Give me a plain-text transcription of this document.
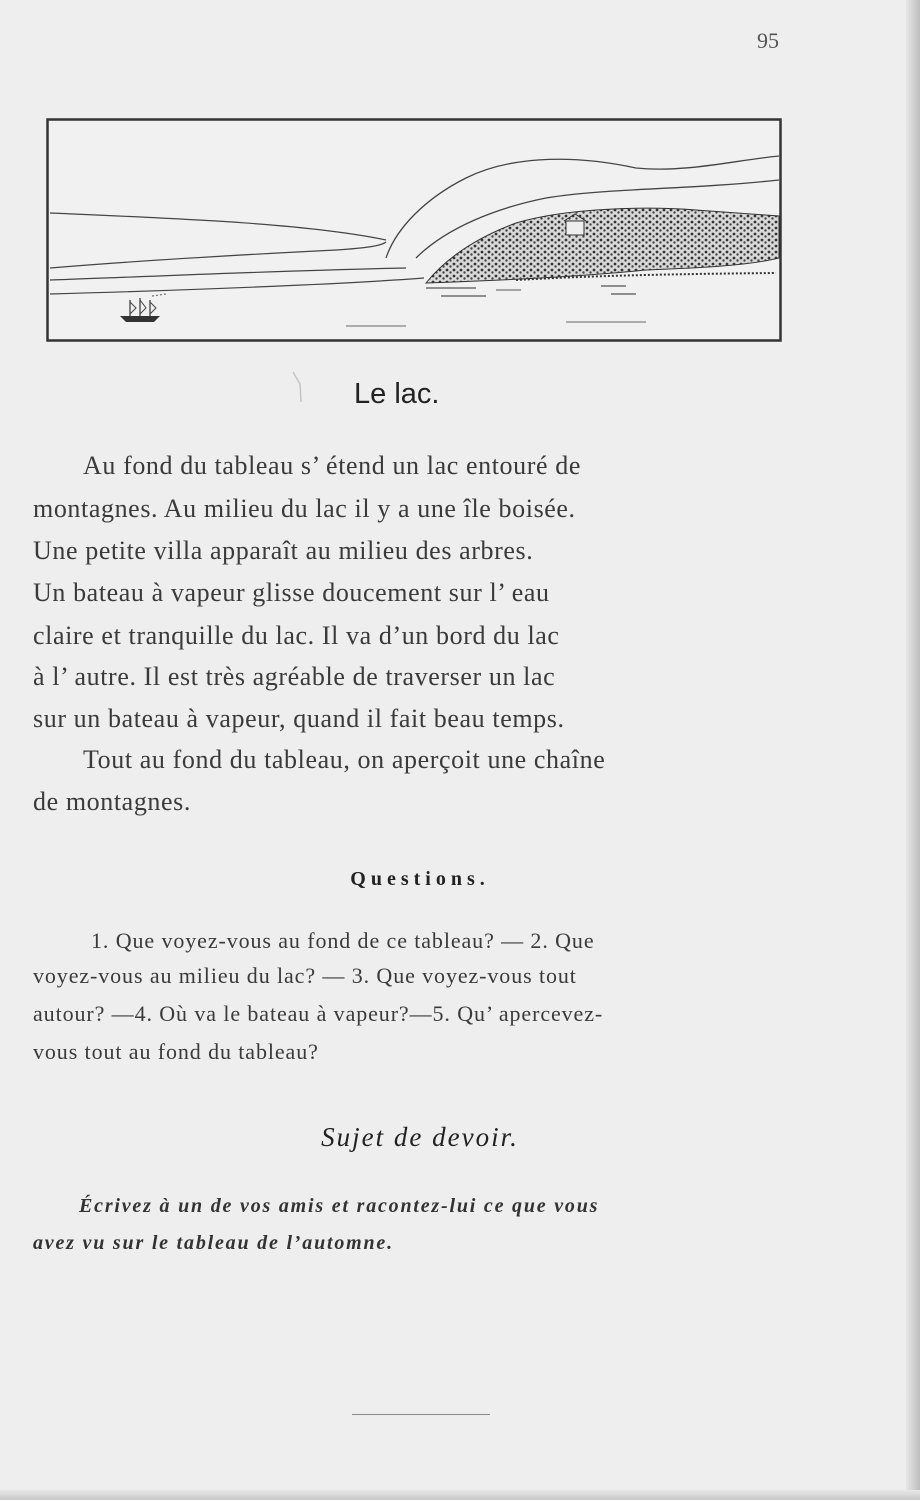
95
Le lac.
Au fond du tableau s’ étend un lac entouré de
montagnes. Au milieu du lac il y a une île boisée.
Une petite villa apparaît au milieu des arbres.
Un bateau à vapeur glisse doucement sur l’ eau
claire et tranquille du lac. Il va d’un bord du lac
à l’ autre. Il est très agréable de traverser un lac
sur un bateau à vapeur, quand il fait beau temps.
Tout au fond du tableau, on aperçoit une chaîne
de montagnes.
Questions.
1. Que voyez-vous au fond de ce tableau? — 2. Que
voyez-vous au milieu du lac? — 3. Que voyez-vous tout
autour? —4. Où va le bateau à vapeur?—5. Qu’ apercevez-
vous tout au fond du tableau?
Sujet de devoir.
Écrivez à un de vos amis et racontez-lui ce que vous
avez vu sur le tableau de l’automne.
